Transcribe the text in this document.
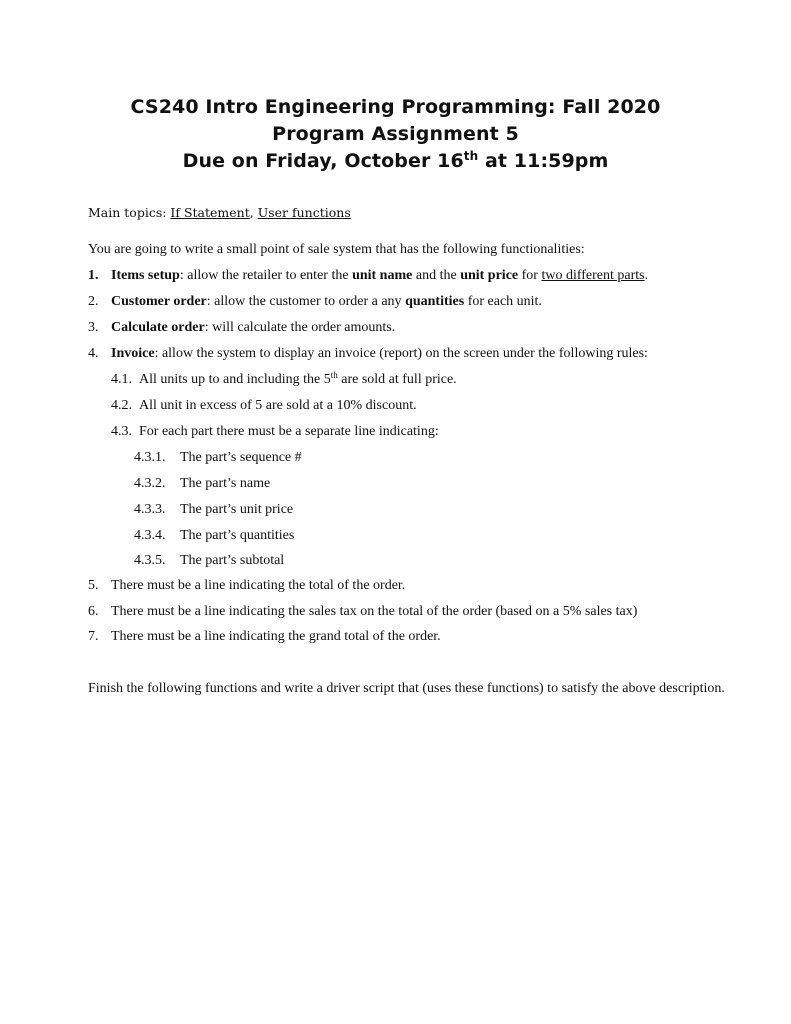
CS240 Intro Engineering Programming: Fall 2020
Program Assignment 5
Due on Friday, October 16th at 11:59pm
Main topics: If Statement, User functions
You are going to write a small point of sale system that has the following functionalities:
1. Items setup: allow the retailer to enter the unit name and the unit price for two different parts.
2. Customer order: allow the customer to order a any quantities for each unit.
3. Calculate order: will calculate the order amounts.
4. Invoice: allow the system to display an invoice (report) on the screen under the following rules:
4.1. All units up to and including the 5th are sold at full price.
4.2. All unit in excess of 5 are sold at a 10% discount.
4.3. For each part there must be a separate line indicating:
4.3.1. The part’s sequence #
4.3.2. The part’s name
4.3.3. The part’s unit price
4.3.4. The part’s quantities
4.3.5. The part’s subtotal
5. There must be a line indicating the total of the order.
6. There must be a line indicating the sales tax on the total of the order (based on a 5% sales tax)
7. There must be a line indicating the grand total of the order.
Finish the following functions and write a driver script that (uses these functions) to satisfy the above description.
